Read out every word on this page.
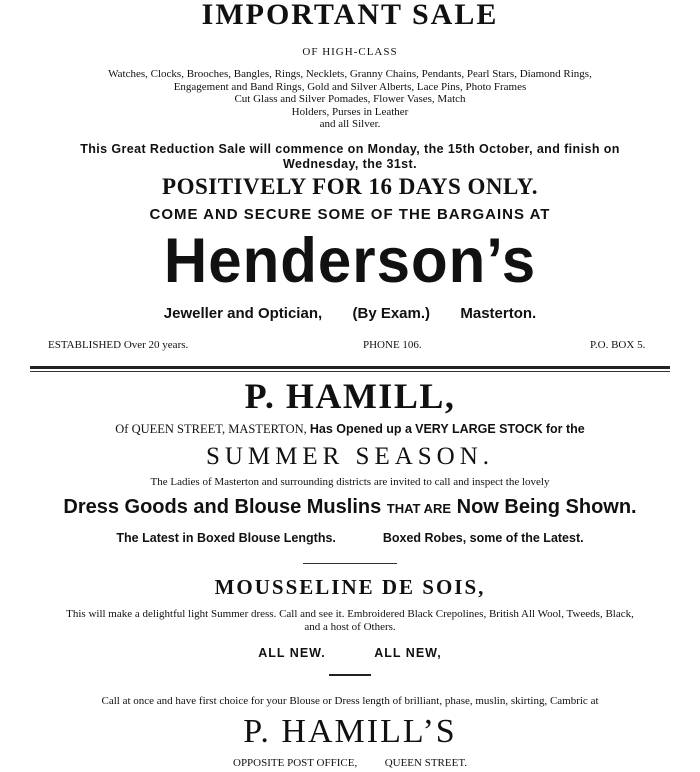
IMPORTANT SALE
OF HIGH-CLASS
Watches, Clocks, Brooches, Bangles, Rings, Necklets, Granny Chains, Pendants, Pearl Stars, Diamond Rings,
Engagement and Band Rings, Gold and Silver Alberts, Lace Pins, Photo Frames
Cut Glass and Silver Pomades, Flower Vases, Match
Holders, Purses in Leather
and all Silver.
This Great Reduction Sale will commence on Monday, the 15th October, and finish on
Wednesday, the 31st.
POSITIVELY FOR 16 DAYS ONLY.
COME AND SECURE SOME OF THE BARGAINS AT
Henderson’s
Jeweller and Optician, (By Exam.) Masterton.
ESTABLISHED Over 20 years.	PHONE 106.	P.O. BOX 5.
P. HAMILL,
Of QUEEN STREET, MASTERTON, Has Opened up a VERY LARGE STOCK for the
SUMMER SEASON.
The Ladies of Masterton and surrounding districts are invited to call and inspect the lovely
Dress Goods and Blouse Muslins THAT ARE Now Being Shown.
The Latest in Boxed Blouse Lengths.	Boxed Robes, some of the Latest.
MOUSSELINE DE SOIS,
This will make a delightful light Summer dress. Call and see it. Embroidered Black Crepolines, British All Wool, Tweeds, Black,
and a host of Others.
ALL NEW.	ALL NEW,
Call at once and have first choice for your Blouse or Dress length of brilliant, phase, muslin, skirting, Cambric at
P. HAMILL’S
OPPOSITE POST OFFICE,	QUEEN STREET.
